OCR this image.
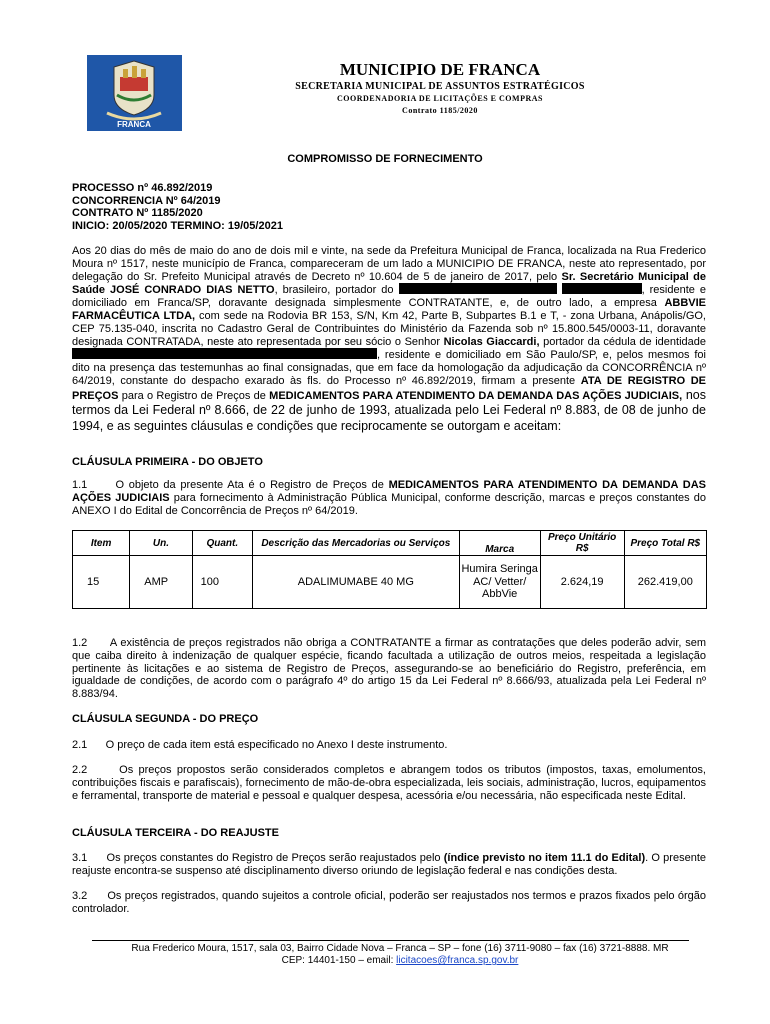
FRANCA
MUNICIPIO DE FRANCA
SECRETARIA MUNICIPAL DE ASSUNTOS ESTRATÉGICOS
COORDENADORIA DE LICITAÇÕES E COMPRAS
Contrato 1185/2020
COMPROMISSO DE FORNECIMENTO
PROCESSO nº 46.892/2019
CONCORRENCIA Nº 64/2019
CONTRATO Nº 1185/2020
INICIO: 20/05/2020 TERMINO: 19/05/2021

Aos 20 dias do mês de maio do ano de dois mil e vinte, na sede da Prefeitura Municipal de Franca, localizada na Rua Frederico Moura nº 1517, neste município de Franca, compareceram de um lado a MUNICIPIO DE FRANCA, neste ato representado, por delegação do Sr. Prefeito Municipal através de Decreto nº 10.604 de 5 de janeiro de 2017, pelo Sr. Secretário Municipal de Saúde JOSÉ CONRADO DIAS NETTO, brasileiro, portador do	, residente e domiciliado em Franca/SP, doravante designada simplesmente CONTRATANTE, e, de outro lado, a empresa ABBVIE FARMACÊUTICA LTDA, com sede na Rodovia BR 153, S/N, Km 42, Parte B, Subpartes B.1 e T, - zona Urbana, Anápolis/GO, CEP 75.135-040, inscrita no Cadastro Geral de Contribuintes do Ministério da Fazenda sob nº 15.800.545/0003-11, doravante designada CONTRATADA, neste ato representada por seu sócio o Senhor Nicolas Giaccardi, portador da cédula de identidade , residente e domiciliado em São Paulo/SP, e, pelos mesmos foi dito na presença das testemunhas ao final consignadas, que em face da homologação da adjudicação da CONCORRÊNCIA nº 64/2019, constante do despacho exarado às fls. do Processo nº 46.892/2019, firmam a presente ATA DE REGISTRO DE PREÇOS para o Registro de Preços de MEDICAMENTOS PARA ATENDIMENTO DA DEMANDA DAS AÇÕES JUDICIAIS, nos termos da Lei Federal nº 8.666, de 22 de junho de 1993, atualizada pelo Lei Federal nº 8.883, de 08 de junho de 1994, e as seguintes cláusulas e condições que reciprocamente se outorgam e aceitam:

CLÁUSULA PRIMEIRA - DO OBJETO

1.1	O objeto da presente Ata é o Registro de Preços de MEDICAMENTOS PARA ATENDIMENTO DA DEMANDA DAS AÇÕES JUDICIAIS para fornecimento à Administração Pública Municipal, conforme descrição, marcas e preços constantes do ANEXO I do Edital de Concorrência de Preços nº 64/2019.

Item	Un.	Quant.	Descrição das Mercadorias ou Serviços	Marca	Preço Unitário R$	Preço Total R$
15	AMP	100	ADALIMUMABE 40 MG	Humira Seringa AC/ Vetter/ AbbVie	2.624,19	262.419,00

1.2 A existência de preços registrados não obriga a CONTRATANTE a firmar as contratações que deles poderão advir, sem que caiba direito à indenização de qualquer espécie, ficando facultada a utilização de outros meios, respeitada a legislação pertinente às licitações e ao sistema de Registro de Preços, assegurando-se ao beneficiário do Registro, preferência, em igualdade de condições, de acordo com o parágrafo 4º do artigo 15 da Lei Federal nº 8.666/93, atualizada pela Lei Federal nº 8.883/94.

CLÁUSULA SEGUNDA - DO PREÇO

2.1 O preço de cada item está especificado no Anexo I deste instrumento.

2.2	Os preços propostos serão considerados completos e abrangem todos os tributos (impostos, taxas, emolumentos, contribuições fiscais e parafiscais), fornecimento de mão-de-obra especializada, leis sociais, administração, lucros, equipamentos e ferramental, transporte de material e pessoal e qualquer despesa, acessória e/ou necessária, não especificada neste Edital.

CLÁUSULA TERCEIRA - DO REAJUSTE

3.1 Os preços constantes do Registro de Preços serão reajustados pelo (índice previsto no item 11.1 do Edital). O presente reajuste encontra-se suspenso até disciplinamento diverso oriundo de legislação federal e nas condições desta.

3.2 Os preços registrados, quando sujeitos a controle oficial, poderão ser reajustados nos termos e prazos fixados pelo órgão controlador.

Rua Frederico Moura, 1517, sala 03, Bairro Cidade Nova – Franca – SP – fone (16) 3711-9080 – fax (16) 3721-8888. MR
CEP: 14401-150 – email: licitacoes@franca.sp.gov.br
